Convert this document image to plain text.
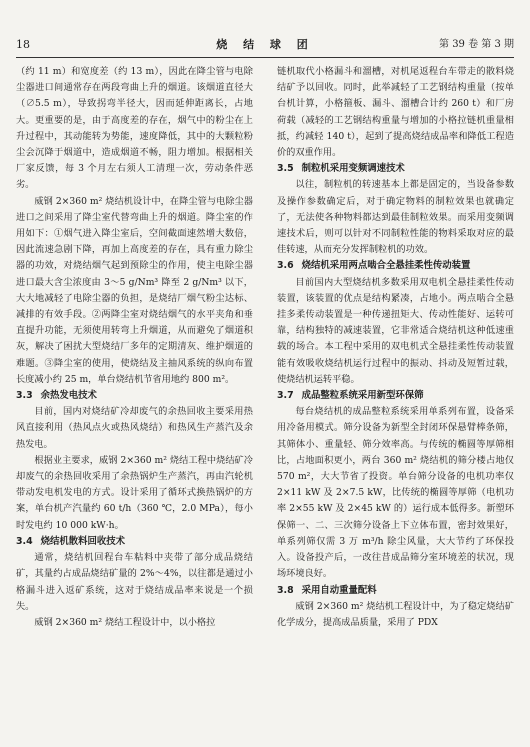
18	烧 结 球 团	第 39 卷 第 3 期

（约 11 m）和宽度差（约 13 m），因此在降尘管与电除尘器进口间通常存在两段弯曲上升的烟道。该烟道直径大（∅5.5 m），导致拐弯半径大，因而延伸距离长，占地大。更重要的是，由于高度差的存在，烟气中的粉尘在上升过程中，其动能转为势能，速度降低，其中的大颗粒粉尘会沉降于烟道中，造成烟道不畅，阻力增加。根据相关厂家反馈，每 3 个月左右须人工清理一次，劳动条件恶劣。

威钢 2×360 m² 烧结机设计中，在降尘管与电除尘器进口之间采用了降尘室代替弯曲上升的烟道。降尘室的作用如下：①烟气进入降尘室后，空间截面速然增大数倍，因此流速急剧下降，再加上高度差的存在，具有重力除尘器的功效，对烧结烟气起到预除尘的作用，使主电除尘器进口最大含尘浓度由 3～5 g/Nm³ 降至 2 g/Nm³ 以下，大大地减轻了电除尘器的负担，是烧结厂烟气粉尘达标、减排的有效手段。②两降尘室对烧结烟气的水平夹角和垂直提升功能，无须使用转弯上升烟道，从而避免了烟道积灰，解决了困扰大型烧结厂多年的定期清灰、维护烟道的难题。③降尘室的使用，使烧结及主抽风系统的纵向布置长度减小约 25 m，单台烧结机节省用地约 800 m²。

3.3 余热发电技术

目前，国内对烧结矿冷却废气的余热回收主要采用热风直接利用（热风点火或热风烧结）和热风生产蒸汽及余热发电。

根据业主要求，威钢 2×360 m² 烧结工程中烧结矿冷却废气的余热回收采用了余热锅炉生产蒸汽，再由汽轮机带动发电机发电的方式。设计采用了循环式换热锅炉的方案，单台机产汽量约 60 t/h（360 ℃，2.0 MPa），每小时发电约 10 000 kW·h。

3.4 烧结机散料回收技术

通常，烧结机回程台车粘料中夹带了部分成品烧结矿，其量约占成品烧结矿量的 2%～4%，以往都是通过小格漏斗进入返矿系统，这对于烧结成品率来说是一个损失。

威钢 2×360 m² 烧结工程设计中，以小格拉

链机取代小格漏斗和溜槽，对机尾返程台车带走的散料烧结矿予以回收。同时，此举减轻了工艺钢结构重量（按单台机计算，小格箍板、漏斗、溜槽合计约 260 t）和厂房荷载（减轻的工艺钢结构重量与增加的小格拉链机重量相抵，约减轻 140 t），起到了提高烧结成品率和降低工程造价的双重作用。

3.5 制粒机采用变频调速技术

以往，制粒机的转速基本上都是固定的，当设备参数及操作参数确定后，对于确定物料的制粒效果也就确定了，无法使各种物料都达到最佳制粒效果。而采用变频调速技术后，则可以针对不同制粒性能的物料采取对应的最佳转速，从而充分发挥制粒机的功效。

3.6 烧结机采用两点啮合全悬挂柔性传动装置

目前国内大型烧结机多数采用双电机全悬挂柔性传动装置，该装置的优点是结构紧凑，占地小。两点啮合全悬挂多柔传动装置是一种传递扭矩大、传动性能好、运转可靠，结构独特的减速装置，它非常适合烧结机这种低速重载的场合。本工程中采用的双电机式全悬挂柔性传动装置能有效吸收烧结机运行过程中的振动、抖动及短暂过载，使烧结机运转平稳。

3.7 成品整粒系统采用新型环保筛

每台烧结机的成品整粒系统采用单系列布置，设备采用冷备用模式。筛分设备为新型全封闭环保悬臂棒条筛，其筛体小、重量轻、筛分效率高。与传统的椭圆等厚筛相比，占地面积更小，两台 360 m² 烧结机的筛分楼占地仅 570 m²，大大节省了投资。单台筛分设备的电机功率仅 2×11 kW 及 2×7.5 kW，比传统的椭圆等厚筛（电机功率 2×55 kW 及 2×45 kW 的）运行成本低得多。新塑环保筛一、二、三次筛分设备上下立体布置，密封效果好，单系列筛仅需 3 万 m³/h 除尘风量，大大节约了环保投入。设备投产后，一改往昔成品筛分室环境差的状况，现场环境良好。

3.8 采用自动重量配料

威钢 2×360 m² 烧结机工程设计中，为了稳定烧结矿化学成分，提高成品质量，采用了 PDX
